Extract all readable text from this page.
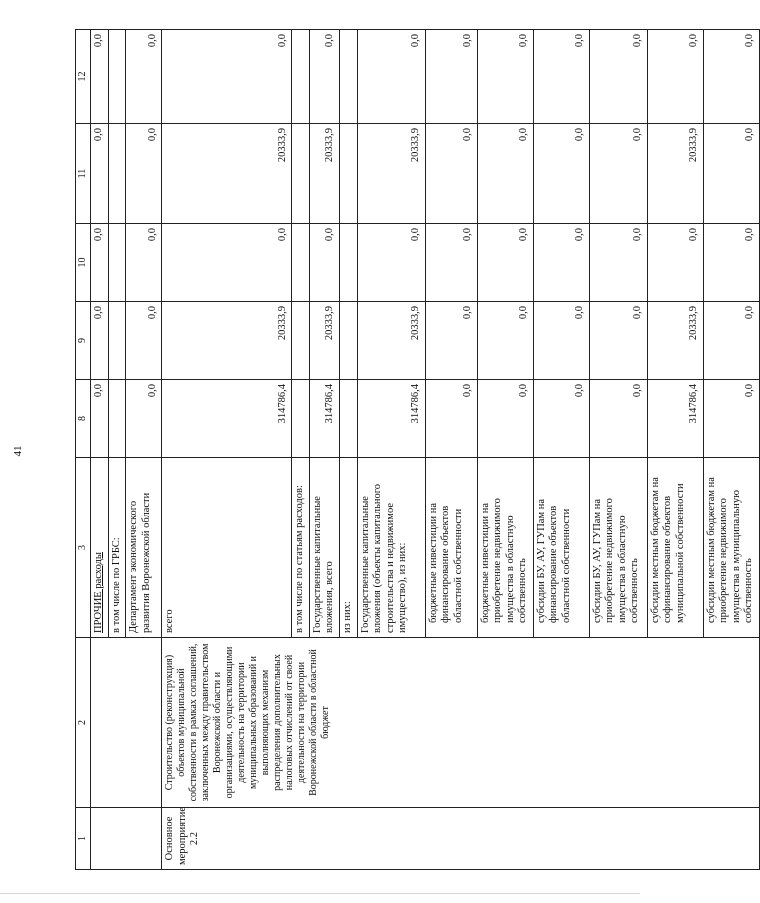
41
1	2	3	8	9	10	11	12
		ПРОЧИЕ расходы	0,0	0,0	0,0	0,0	0,0
		в том числе по ГРБС:					
		Департамент экономического развития Воронежской области	0,0	0,0	0,0	0,0	0,0
Основное мероприятие 2.2	Строительство (реконструкция) объектов муниципальной собственности в рамках соглашений, заключенных между правительством Воронежской области и организациями, осуществляющими деятельность на территории муниципальных образований и выполняющих механизм распределения дополнительных налоговых отчислений от своей деятельности на территории Воронежской области в областной бюджет	всего	314786,4	20333,9	0,0	20333,9	0,0
		в том числе по статьям расходов:					
		Государственные капитальные вложения, всего	314786,4	20333,9	0,0	20333,9	0,0
		из них:					
		Государственные капитальные вложения (объекты капитального строительства и недвижимое имущество), из них:	314786,4	20333,9	0,0	20333,9	0,0
		бюджетные инвестиции на финансирование объектов областной собственности	0,0	0,0	0,0	0,0	0,0
		бюджетные инвестиции на приобретение недвижимого имущества в областную собственность	0,0	0,0	0,0	0,0	0,0
		субсидии БУ, АУ, ГУПам на финансирование объектов областной собственности	0,0	0,0	0,0	0,0	0,0
		субсидии БУ, АУ, ГУПам на приобретение недвижимого имущества в областную собственность	0,0	0,0	0,0	0,0	0,0
		субсидии местным бюджетам на софинансирование объектов муниципальной собственности	314786,4	20333,9	0,0	20333,9	0,0
		субсидии местным бюджетам на приобретение недвижимого имущества в муниципальную собственность	0,0	0,0	0,0	0,0	0,0
